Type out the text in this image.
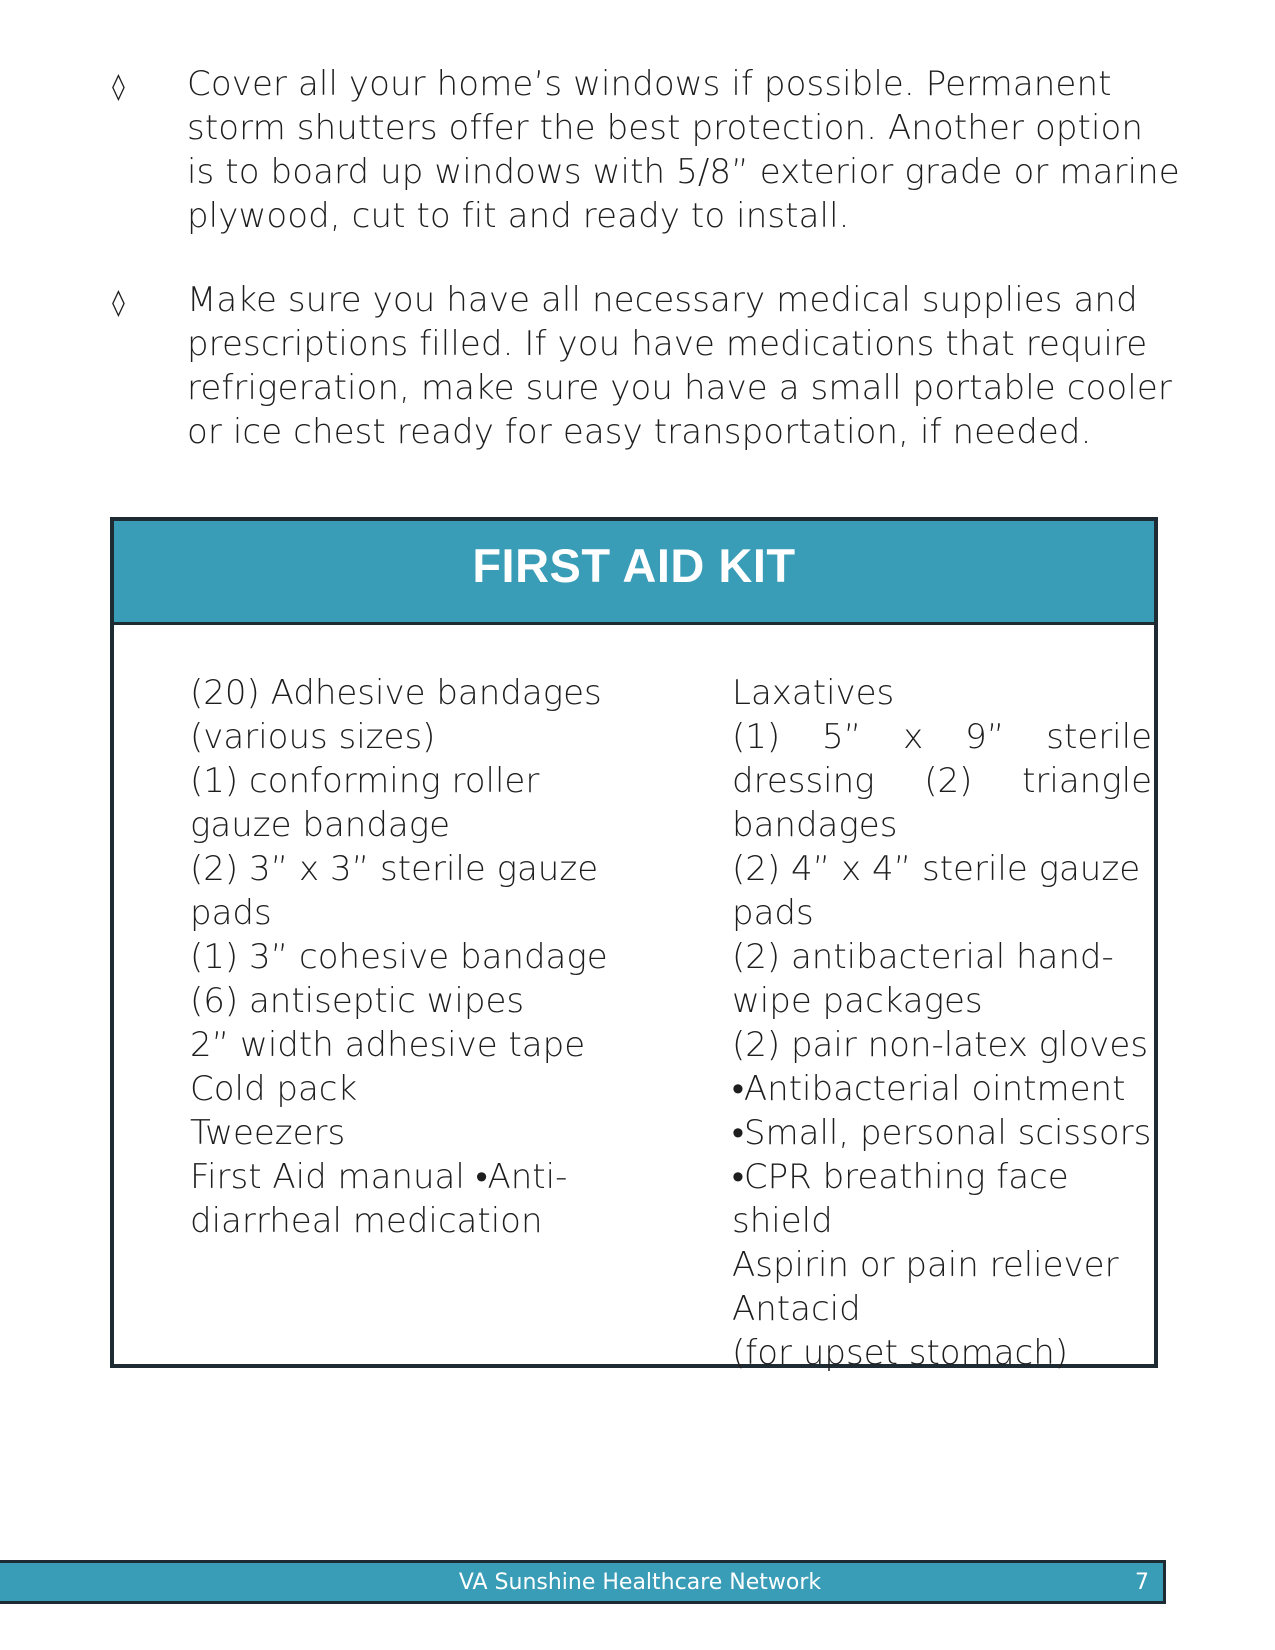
◊ Cover all your home’s windows if possible. Permanent
storm shutters offer the best protection. Another option
is to board up windows with 5/8” exterior grade or marine
plywood, cut to fit and ready to install.
◊ Make sure you have all necessary medical supplies and
prescriptions filled. If you have medications that require
refrigeration, make sure you have a small portable cooler
or ice chest ready for easy transportation, if needed.
FIRST AID KIT
(20) Adhesive bandages
(various sizes)
(1) conforming roller
gauze bandage
(2) 3” x 3” sterile gauze
pads
(1) 3” cohesive bandage
(6) antiseptic wipes
2” width adhesive tape
Cold pack
Tweezers
First Aid manual •Anti-
diarrheal medication
Laxatives
(1) 5” x 9” sterile
dressing (2) triangle
bandages
(2) 4” x 4” sterile gauze
pads
(2) antibacterial hand-
wipe packages
(2) pair non-latex gloves
•Antibacterial ointment
•Small, personal scissors
•CPR breathing face
shield
Aspirin or pain reliever
Antacid
(for upset stomach)
VA Sunshine Healthcare Network	7
